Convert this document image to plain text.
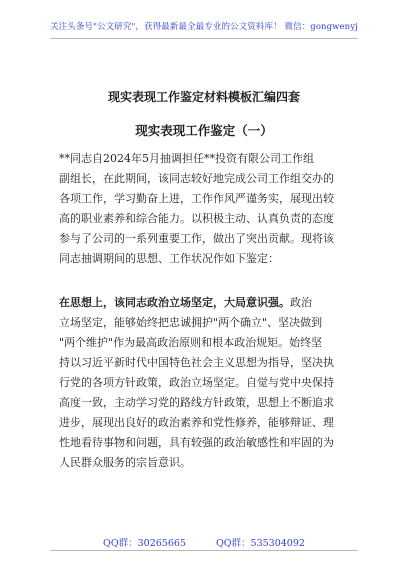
关注头条号"公文研究"，获得最新最全最专业的公文资料库！ 微信：gongwenyj
现实表现工作鉴定材料模板汇编四套
现实表现工作鉴定（一）
**同志自2024年5月抽调担任**投资有限公司工作组
副组长，在此期间，该同志较好地完成公司工作组交办的
各项工作，学习勤奋上进，工作作风严谨务实，展现出较
高的职业素养和综合能力。以积极主动、认真负责的态度
参与了公司的一系列重要工作，做出了突出贡献。现将该
同志抽调期间的思想、工作状况作如下鉴定：
在思想上，该同志政治立场坚定，大局意识强。政治
立场坚定，能够始终把忠诚拥护"两个确立"、坚决做到
"两个维护"作为最高政治原则和根本政治规矩。始终坚
持以习近平新时代中国特色社会主义思想为指导，坚决执
行党的各项方针政策，政治立场坚定。自觉与党中央保持
高度一致，主动学习党的路线方针政策，思想上不断追求
进步，展现出良好的政治素养和党性修养，能够辩证、理
性地看待事物和问题，具有较强的政治敏感性和牢固的为
人民群众服务的宗旨意识。
QQ群：30265665	QQ群：535304092
